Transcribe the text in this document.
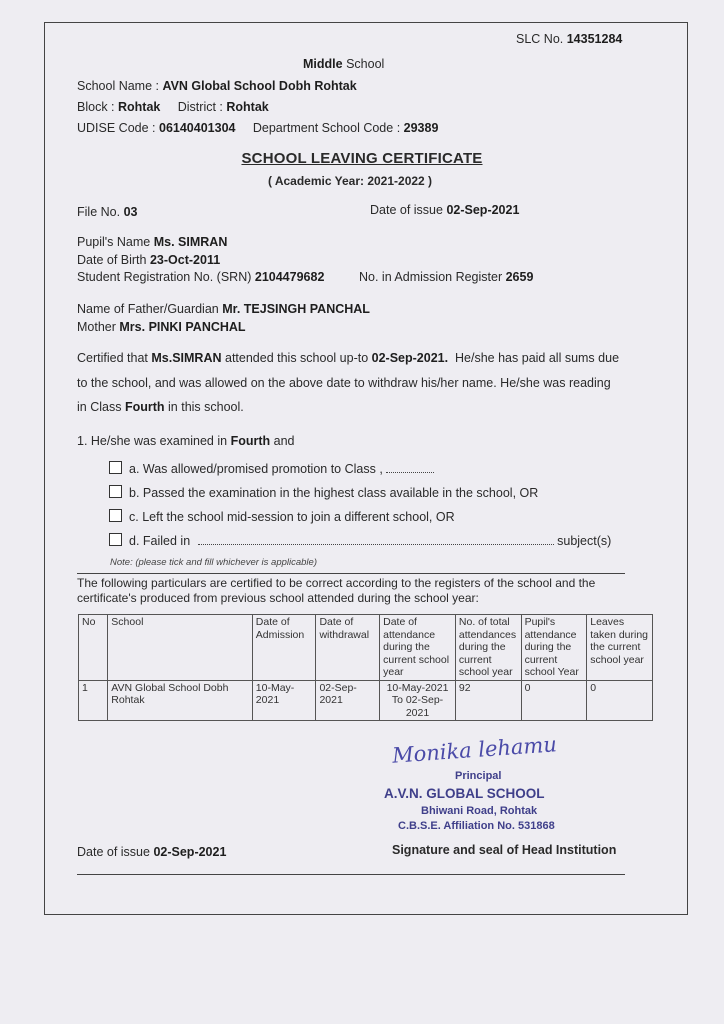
SLC No. 14351284
Middle School
School Name : AVN Global School Dobh Rohtak
Block : Rohtak District : Rohtak
UDISE Code : 06140401304 Department School Code : 29389
SCHOOL LEAVING CERTIFICATE
( Academic Year: 2021-2022 )
File No. 03	Date of issue 02-Sep-2021
Pupil's Name Ms. SIMRAN
Date of Birth 23-Oct-2011
Student Registration No. (SRN) 2104479682	No. in Admission Register 2659
Name of Father/Guardian Mr. TEJSINGH PANCHAL
Mother Mrs. PINKI PANCHAL
Certified that Ms.SIMRAN attended this school up-to 02-Sep-2021. He/she has paid all sums due
to the school, and was allowed on the above date to withdraw his/her name. He/she was reading
in Class Fourth in this school.
1. He/she was examined in Fourth and
a. Was allowed/promised promotion to Class ,
b. Passed the examination in the highest class available in the school, OR
c. Left the school mid-session to join a different school, OR
d. Failed in	subject(s)
Note: (please tick and fill whichever is applicable)
The following particulars are certified to be correct according to the registers of the school and the certificate's produced from previous school attended during the school year:
No	School	Date of Admission	Date of withdrawal	Date of attendance during the current school year	No. of total attendances during the current school year	Pupil's attendance during the current school Year	Leaves taken during the current school year
1	AVN Global School Dobh Rohtak	10-May-2021	02-Sep-2021	10-May-2021 To 02-Sep-2021	92	0	0
Monika lehamu
Principal
A.V.N. GLOBAL SCHOOL
Bhiwani Road, Rohtak
C.B.S.E. Affiliation No. 531868
Date of issue 02-Sep-2021	Signature and seal of Head Institution
